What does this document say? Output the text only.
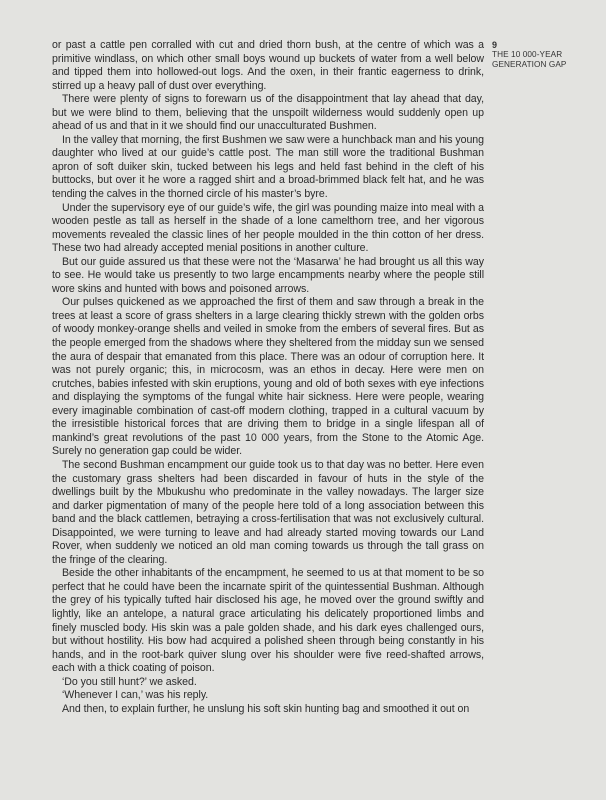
9
THE 10 000-YEAR GENERATION GAP

or past a cattle pen corralled with cut and dried thorn bush, at the centre of which was a primitive windlass, on which other small boys wound up buckets of water from a well below and tipped them into hollowed-out logs. And the oxen, in their frantic eagerness to drink, stirred up a heavy pall of dust over everything.

There were plenty of signs to forewarn us of the disappointment that lay ahead that day, but we were blind to them, believing that the unspoilt wilderness would suddenly open up ahead of us and that in it we should find our unacculturated Bushmen.

In the valley that morning, the first Bushmen we saw were a hunchback man and his young daughter who lived at our guide’s cattle post. The man still wore the traditional Bushman apron of soft duiker skin, tucked between his legs and held fast behind in the cleft of his buttocks, but over it he wore a ragged shirt and a broad-brimmed black felt hat, and he was tending the calves in the thorned circle of his master’s byre.

Under the supervisory eye of our guide’s wife, the girl was pounding maize into meal with a wooden pestle as tall as herself in the shade of a lone camelthorn tree, and her vigorous movements revealed the classic lines of her people moulded in the thin cotton of her dress. These two had already accepted menial positions in another culture.

But our guide assured us that these were not the ‘Masarwa’ he had brought us all this way to see. He would take us presently to two large encampments nearby where the people still wore skins and hunted with bows and poisoned arrows.

Our pulses quickened as we approached the first of them and saw through a break in the trees at least a score of grass shelters in a large clearing thickly strewn with the golden orbs of woody monkey-orange shells and veiled in smoke from the embers of several fires. But as the people emerged from the shadows where they sheltered from the midday sun we sensed the aura of despair that emanated from this place. There was an odour of corruption here. It was not purely organic; this, in microcosm, was an ethos in decay. Here were men on crutches, babies infested with skin eruptions, young and old of both sexes with eye infections and displaying the symptoms of the fungal white hair sickness. Here were people, wearing every imaginable combination of cast-off modern clothing, trapped in a cultural vacuum by the irresistible historical forces that are driving them to bridge in a single lifespan all of mankind’s great revolutions of the past 10 000 years, from the Stone to the Atomic Age. Surely no generation gap could be wider.

The second Bushman encampment our guide took us to that day was no better. Here even the customary grass shelters had been discarded in favour of huts in the style of the dwellings built by the Mbukushu who predominate in the valley nowadays. The larger size and darker pigmentation of many of the people here told of a long association between this band and the black cattlemen, betraying a cross-fertilisation that was not exclusively cultural. Disappointed, we were turning to leave and had already started moving towards our Land Rover, when suddenly we noticed an old man coming towards us through the tall grass on the fringe of the clearing.

Beside the other inhabitants of the encampment, he seemed to us at that moment to be so perfect that he could have been the incarnate spirit of the quintessential Bushman. Although the grey of his typically tufted hair disclosed his age, he moved over the ground swiftly and lightly, like an antelope, a natural grace articulating his delicately proportioned limbs and finely muscled body. His skin was a pale golden shade, and his dark eyes challenged ours, but without hostility. His bow had acquired a polished sheen through being constantly in his hands, and in the root-bark quiver slung over his shoulder were five reed-shafted arrows, each with a thick coating of poison.

‘Do you still hunt?’ we asked.

‘Whenever I can,’ was his reply.

And then, to explain further, he unslung his soft skin hunting bag and smoothed it out on
